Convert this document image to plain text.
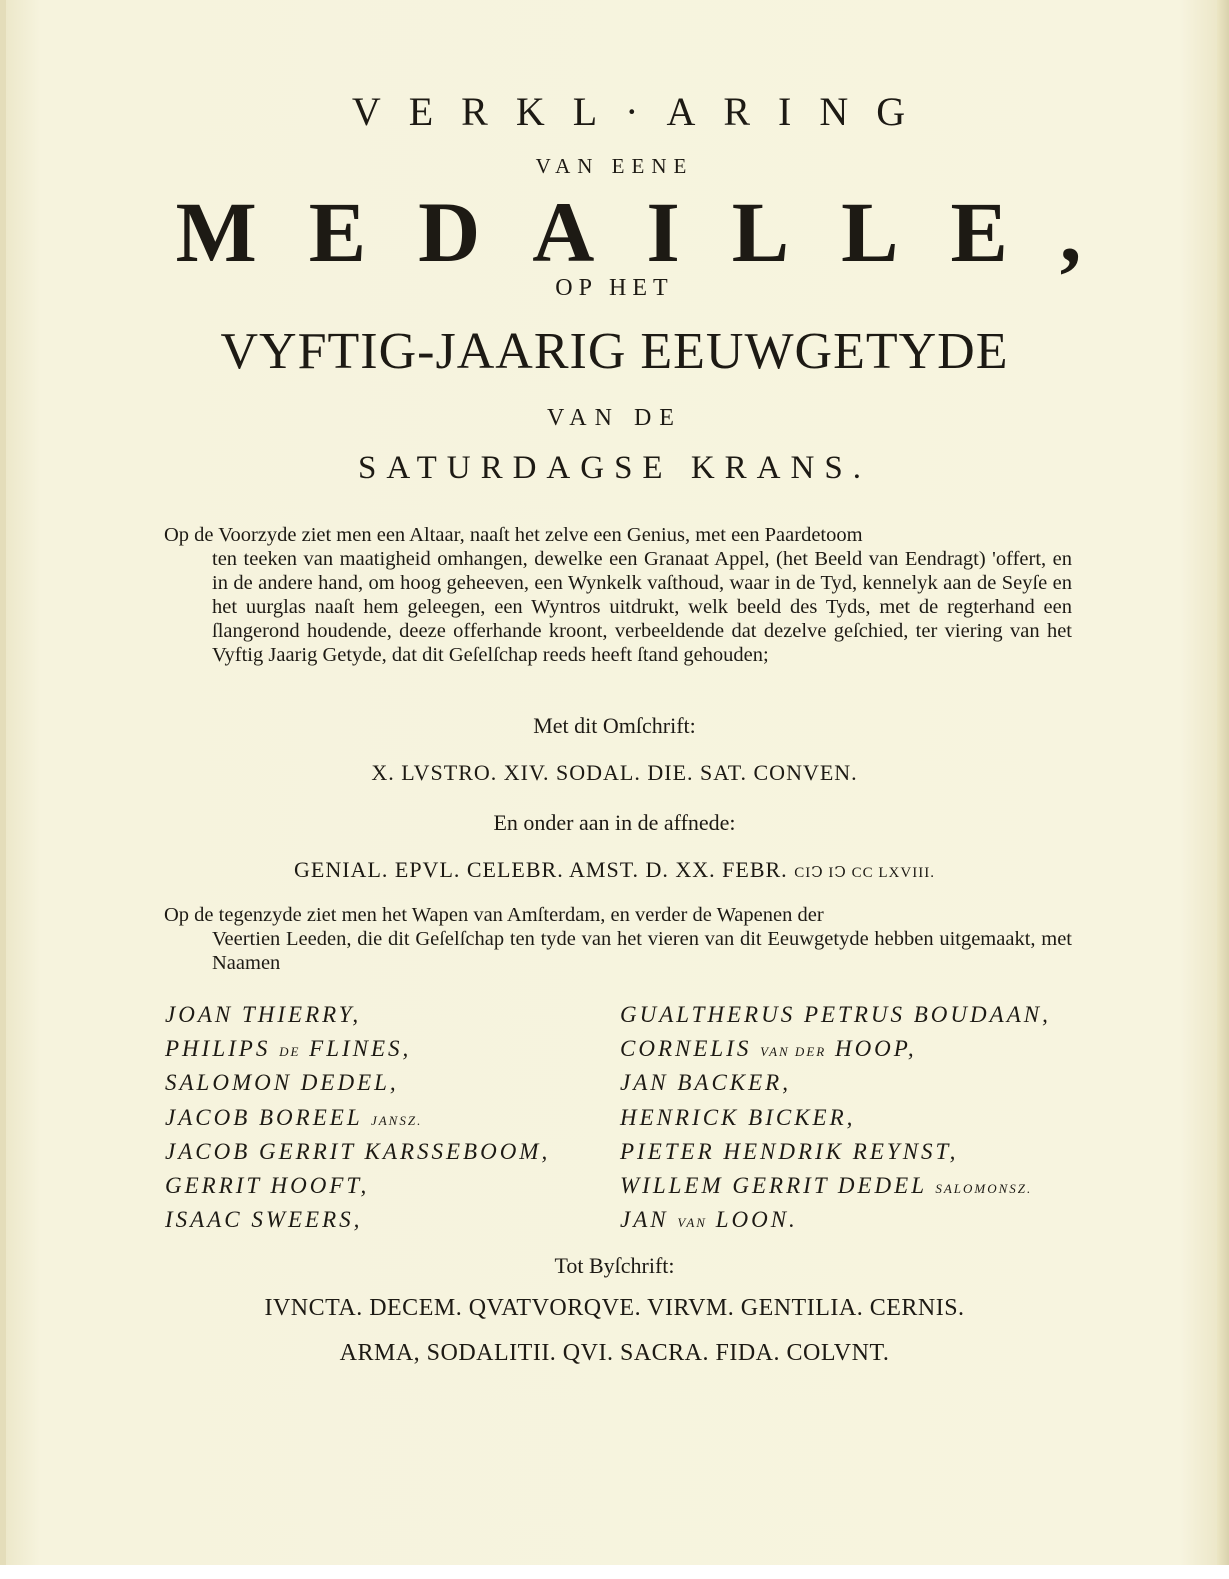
VERKL·ARING
VAN EENE
MEDAILLE,
OP HET
VYFTIG-JAARIG EEUWGETYDE
VAN DE
SATURDAGSE KRANS.
Op de Voorzyde ziet men een Altaar, naaſt het zelve een Genius, met een Paardetoom
ten teeken van maatigheid omhangen, dewelke een Granaat Appel, (het Beeld van Eendragt) 'offert, en in de andere hand, om hoog geheeven, een Wynkelk vaſthoud, waar in de Tyd, kennelyk aan de Seyſe en het uurglas naaſt hem geleegen, een Wyntros uitdrukt, welk beeld des Tyds, met de regterhand een ſlangerond houdende, deeze offerhande kroont, verbeeldende dat dezelve geſchied, ter viering van het Vyftig Jaarig Getyde, dat dit Geſelſchap reeds heeft ſtand gehouden;
Met dit Omſchrift:
X. LVSTRO. XIV. SODAL. DIE. SAT. CONVEN.
En onder aan in de affnede:
GENIAL. EPVL. CELEBR. AMST. D. XX. FEBR. CIↃ IↃ CC LXVIII.
Op de tegenzyde ziet men het Wapen van Amſterdam, en verder de Wapenen der
Veertien Leeden, die dit Geſelſchap ten tyde van het vieren van dit Eeuwgetyde hebben uitgemaakt, met Naamen
JOAN THIERRY,
PHILIPS DE FLINES,
SALOMON DEDEL,
JACOB BOREEL JANSZ.
JACOB GERRIT KARSSEBOOM,
GERRIT HOOFT,
ISAAC SWEERS,
GUALTHERUS PETRUS BOUDAAN,
CORNELIS VAN DER HOOP,
JAN BACKER,
HENRICK BICKER,
PIETER HENDRIK REYNST,
WILLEM GERRIT DEDEL SALOMONSZ.
JAN VAN LOON.
Tot Byſchrift:
IVNCTA. DECEM. QVATVORQVE. VIRVM. GENTILIA. CERNIS.
ARMA, SODALITII. QVI. SACRA. FIDA. COLVNT.
